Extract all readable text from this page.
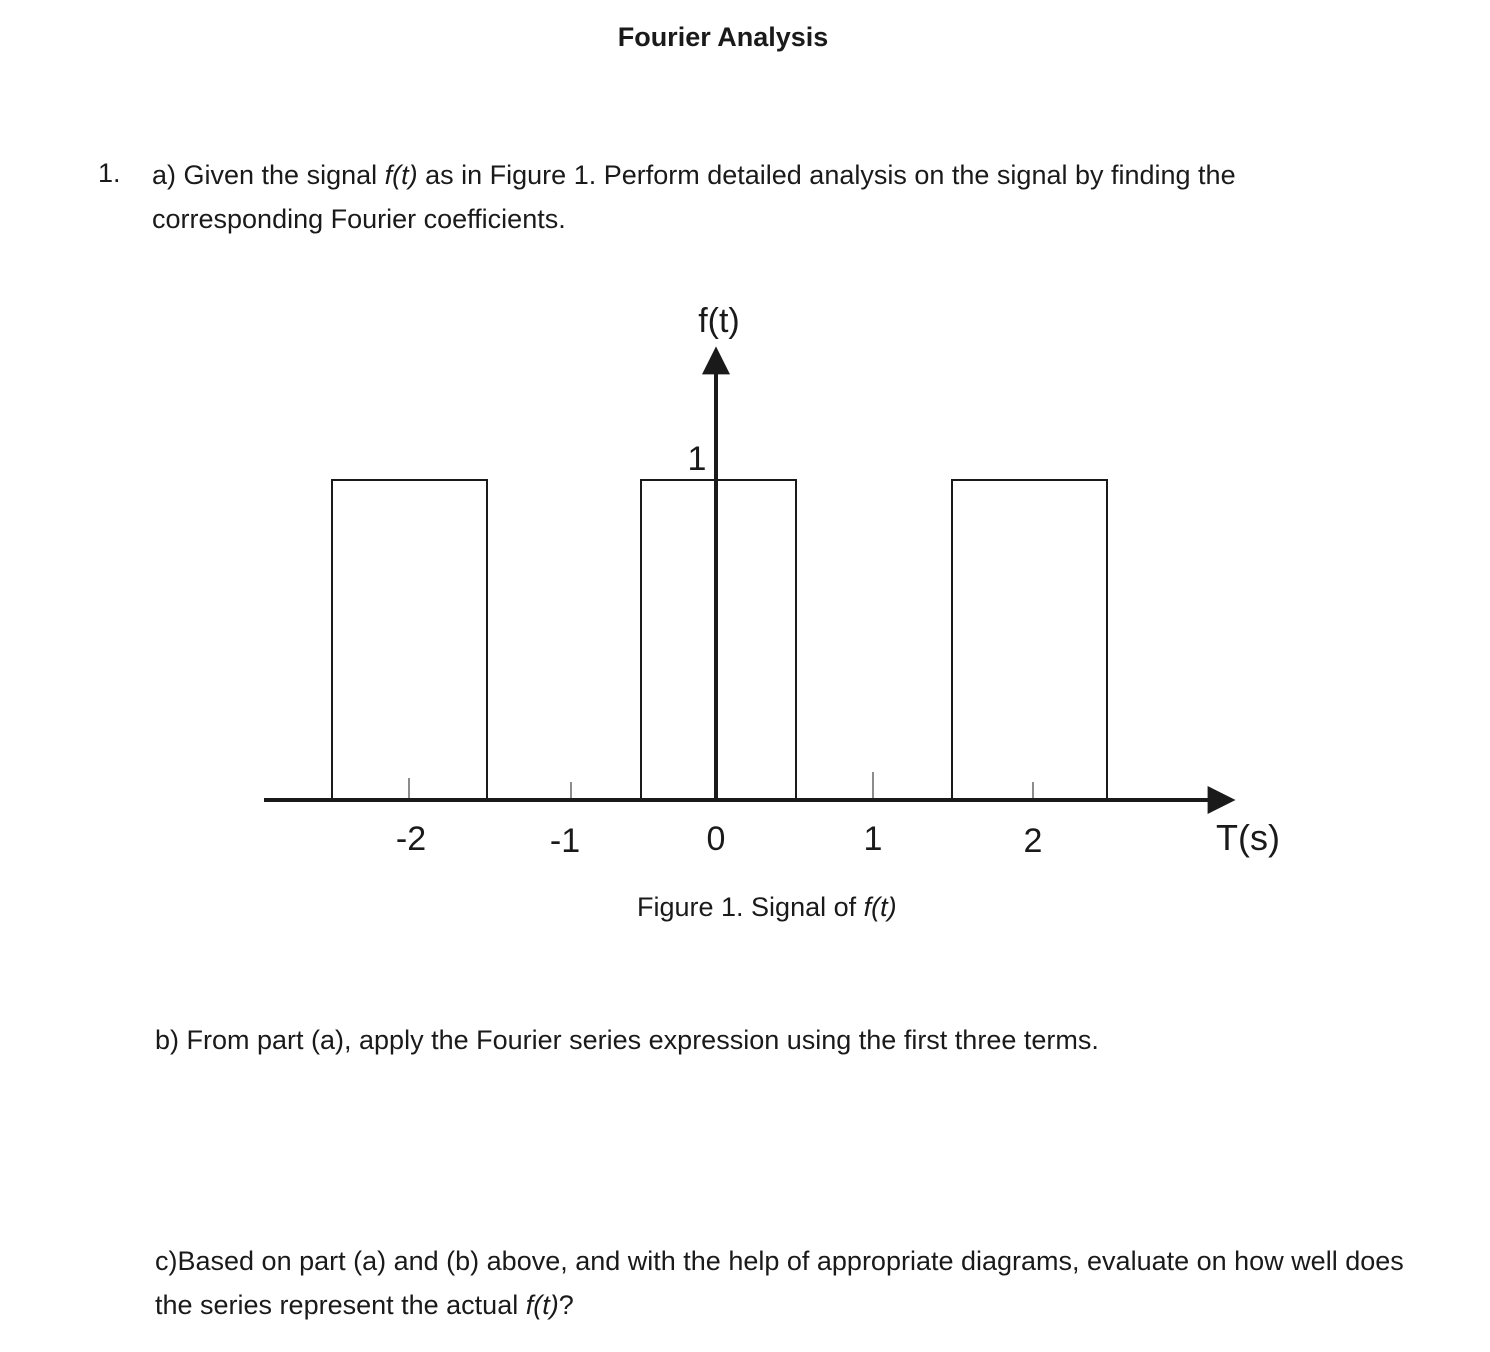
Fourier Analysis
1. a) Given the signal f(t) as in Figure 1. Perform detailed analysis on the signal by finding the corresponding Fourier coefficients.
f(t)
1
T(s)
-2	-1	0	1	2
Figure 1. Signal of f(t)
b) From part (a), apply the Fourier series expression using the first three terms.
c)Based on part (a) and (b) above, and with the help of appropriate diagrams, evaluate on how well does the series represent the actual f(t)?
